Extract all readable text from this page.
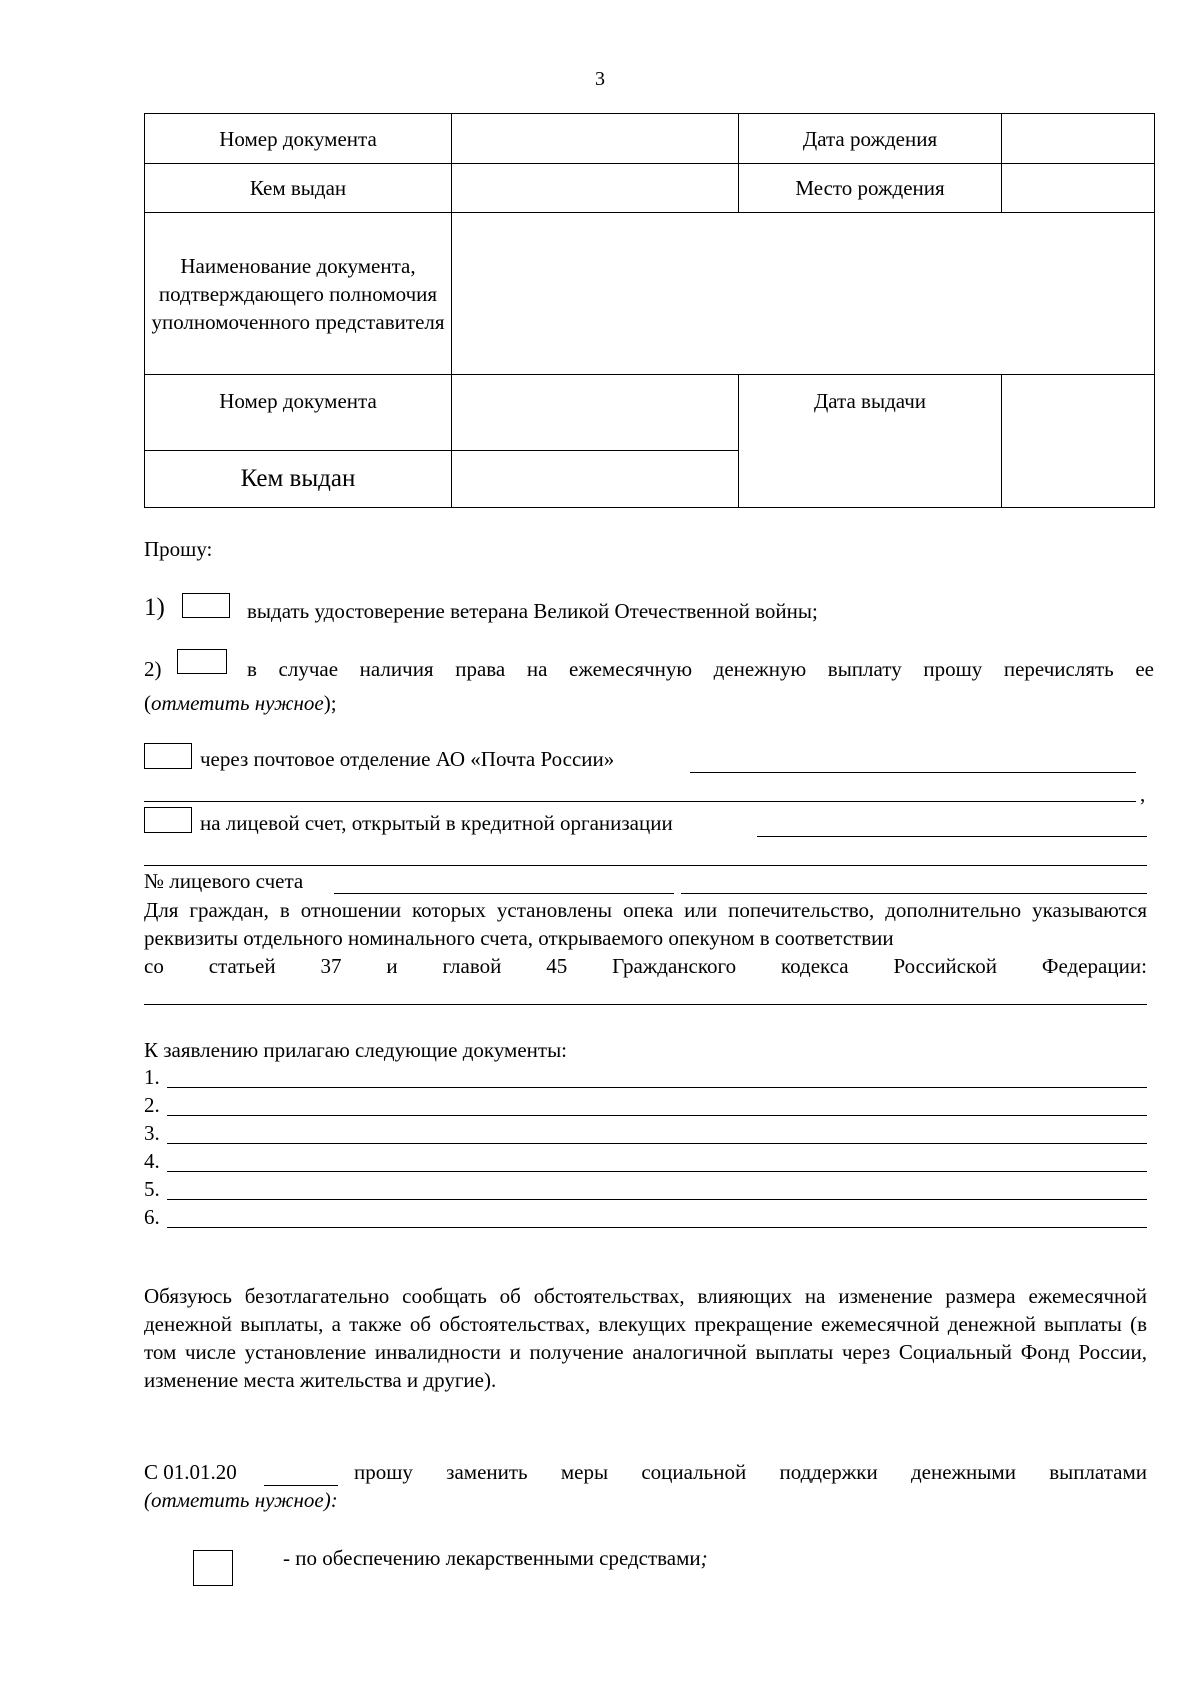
3
Номер документа		Дата рождения	
Кем выдан		Место рождения	
Наименование документа, подтверждающего полномочия уполномоченного представителя			
Номер документа		Дата выдачи	
Кем выдан			
Прошу:
1)	выдать удостоверение ветерана Великой Отечественной войны;
2)	в случае наличия права на ежемесячную денежную выплату прошу перечислять ее
(отметить нужное);
через почтовое отделение АО «Почта России»
,
на лицевой счет, открытый в кредитной организации
№ лицевого счета
Для граждан, в отношении которых установлены опека или попечительство, дополнительно указываются реквизиты отдельного номинального счета, открываемого опекуном в соответствии
со статьей 37 и главой 45 Гражданского кодекса Российской Федерации:
К заявлению прилагаю следующие документы:
1.
2.
3.
4.
5.
6.
Обязуюсь безотлагательно сообщать об обстоятельствах, влияющих на изменение размера ежемесячной денежной выплаты, а также об обстоятельствах, влекущих прекращение ежемесячной денежной выплаты (в том числе установление инвалидности и получение аналогичной выплаты через Социальный Фонд России, изменение места жительства и другие).
С 01.01.20	прошу заменить меры социальной поддержки денежными выплатами
(отметить нужное):
- по обеспечению лекарственными средствами;
